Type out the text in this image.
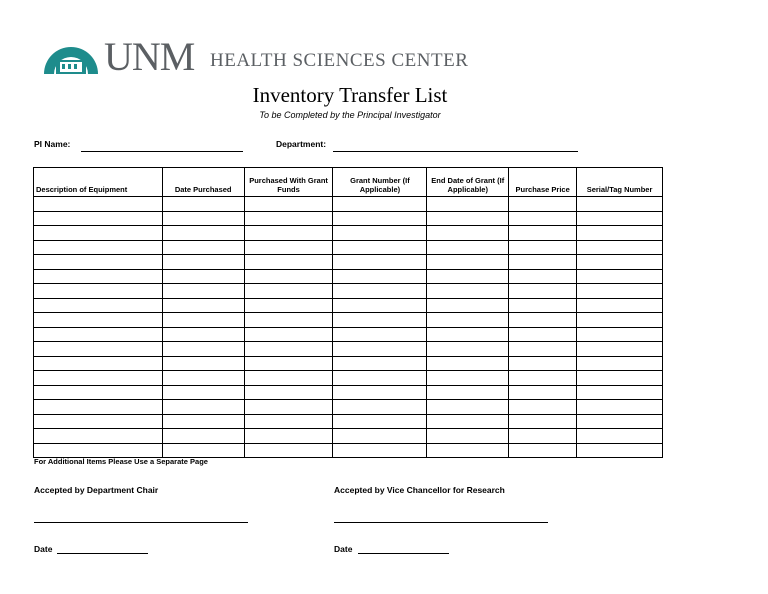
UNM HEALTH SCIENCES CENTER
Inventory Transfer List
To be Completed by the Principal Investigator
PI Name:	Department:
Description of Equipment	Date Purchased	Purchased With Grant Funds	Grant Number (If Applicable)	End Date of Grant (If Applicable)	Purchase Price	Serial/Tag Number

For Additional Items Please Use a Separate Page
Accepted by Department Chair	Accepted by Vice Chancellor for Research
Date	Date
